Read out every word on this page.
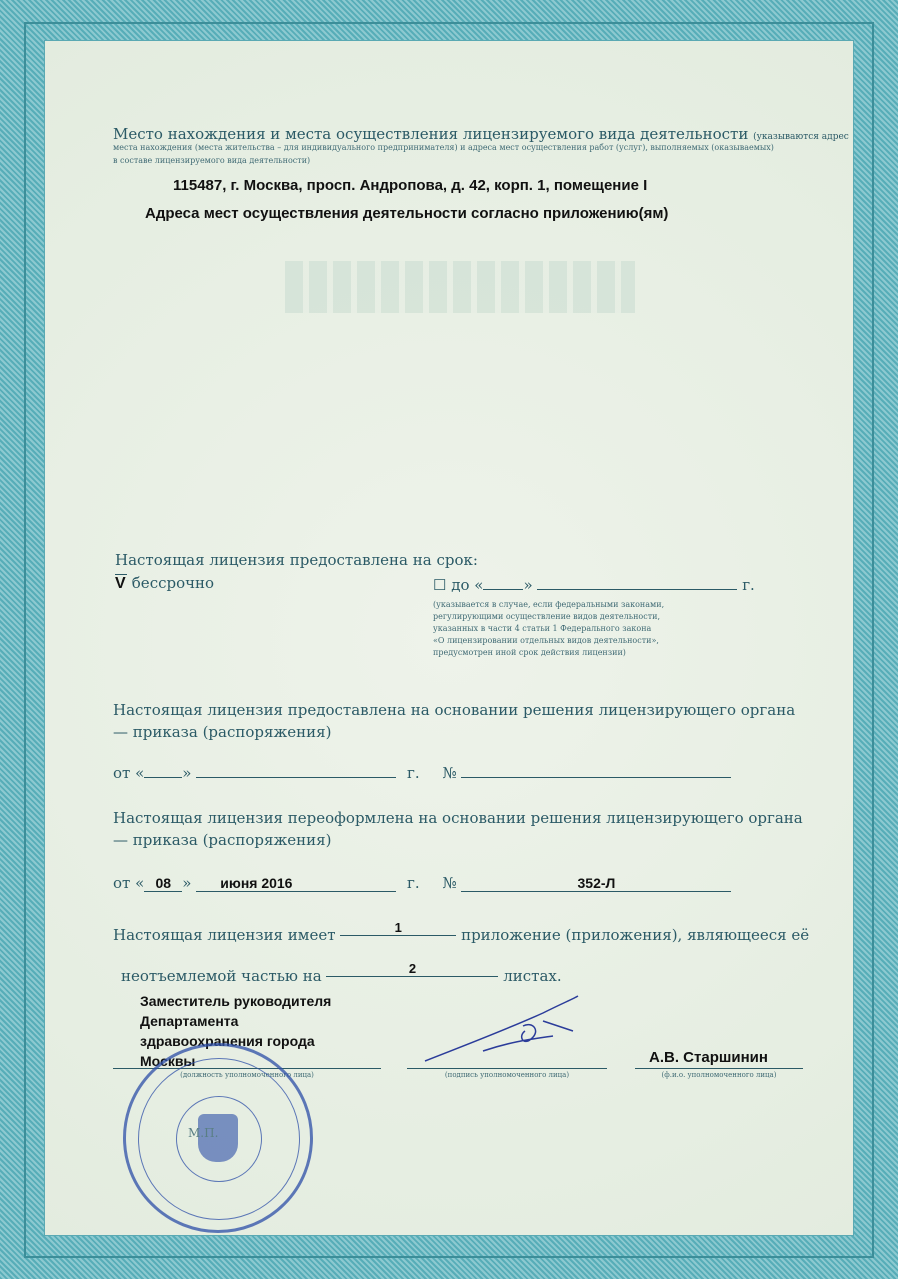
Место нахождения и места осуществления лицензируемого вида деятельности (указываются адрес
места нахождения (места жительства – для индивидуального предпринимателя) и адреса мест осуществления работ (услуг), выполняемых (оказываемых)
в составе лицензируемого вида деятельности)
115487, г. Москва, просп. Андропова, д. 42, корп. 1, помещение I
Адреса мест осуществления деятельности согласно приложению(ям)
Настоящая лицензия предоставлена на срок:
V бессрочно	☐ до «	»	г.
(указывается в случае, если федеральными законами,
регулирующими осуществление видов деятельности,
указанных в части 4 статьи 1 Федерального закона
«О лицензировании отдельных видов деятельности»,
предусмотрен иной срок действия лицензии)
Настоящая лицензия предоставлена на основании решения лицензирующего органа
— приказа (распоряжения)
от «	»	г. №
Настоящая лицензия переоформлена на основании решения лицензирующего органа
— приказа (распоряжения)
от « 08 » июня 2016	г. №	352-Л
Настоящая лицензия имеет	1	приложение (приложения), являющееся её
неотъемлемой частью на	2	листах.
Заместитель руководителя
Департамента
здравоохранения города
Москвы
(должность уполномоченного лица)	(подпись уполномоченного лица)
А.В. Старшинин
(ф.и.о. уполномоченного лица)
М.П.
